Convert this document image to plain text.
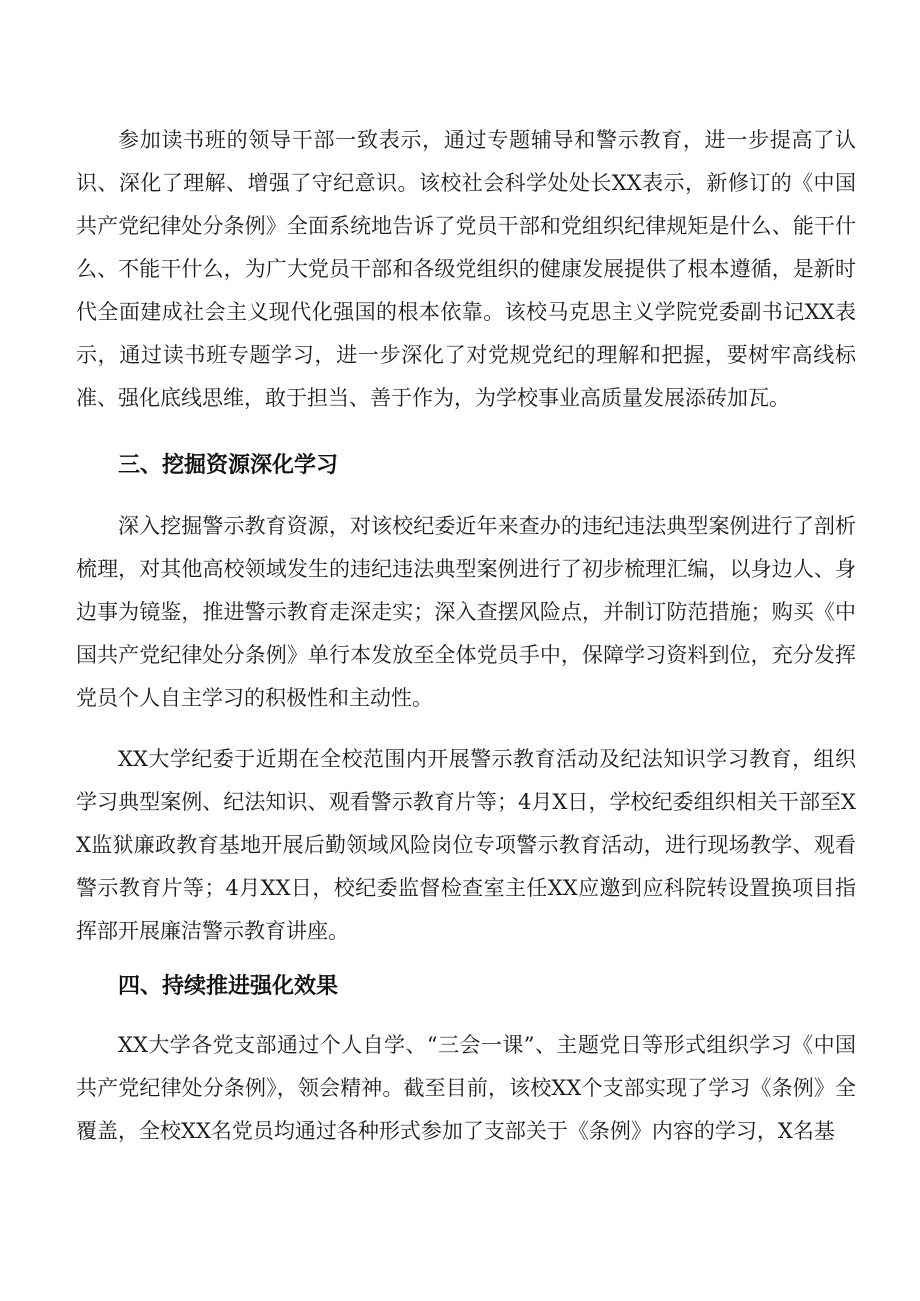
参加读书班的领导干部一致表示，通过专题辅导和警示教育，进一步提高了认识、深化了理解、增强了守纪意识。该校社会科学处处长XX表示，新修订的《中国共产党纪律处分条例》全面系统地告诉了党员干部和党组织纪律规矩是什么、能干什么、不能干什么，为广大党员干部和各级党组织的健康发展提供了根本遵循，是新时代全面建成社会主义现代化强国的根本依靠。该校马克思主义学院党委副书记XX表示，通过读书班专题学习，进一步深化了对党规党纪的理解和把握，要树牢高线标准、强化底线思维，敢于担当、善于作为，为学校事业高质量发展添砖加瓦。

三、挖掘资源深化学习

深入挖掘警示教育资源，对该校纪委近年来查办的违纪违法典型案例进行了剖析梳理，对其他高校领域发生的违纪违法典型案例进行了初步梳理汇编，以身边人、身边事为镜鉴，推进警示教育走深走实；深入查摆风险点，并制订防范措施；购买《中国共产党纪律处分条例》单行本发放至全体党员手中，保障学习资料到位，充分发挥党员个人自主学习的积极性和主动性。

XX大学纪委于近期在全校范围内开展警示教育活动及纪法知识学习教育，组织学习典型案例、纪法知识、观看警示教育片等；4月X日，学校纪委组织相关干部至XX监狱廉政教育基地开展后勤领域风险岗位专项警示教育活动，进行现场教学、观看警示教育片等；4月XX日，校纪委监督检查室主任XX应邀到应科院转设置换项目指挥部开展廉洁警示教育讲座。

四、持续推进强化效果

XX大学各党支部通过个人自学、“三会一课”、主题党日等形式组织学习《中国共产党纪律处分条例》，领会精神。截至目前，该校XX个支部实现了学习《条例》全覆盖，全校XX名党员均通过各种形式参加了支部关于《条例》内容的学习，X名基
